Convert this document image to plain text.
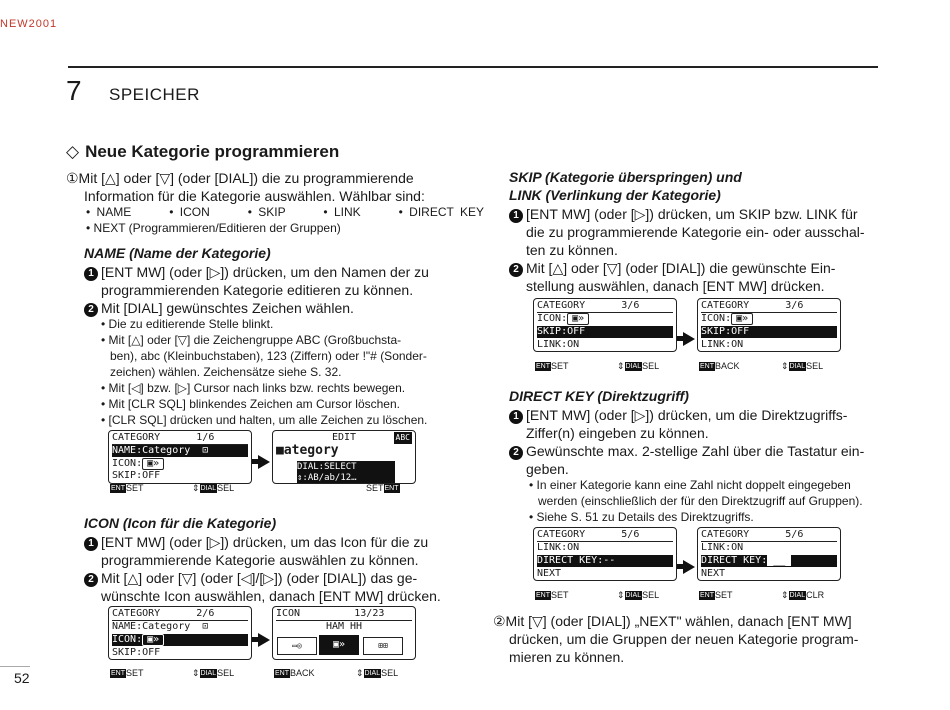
NEW2001
7 SPEICHER
◇ Neue Kategorie programmieren
①Mit [△] oder [▽] (oder [DIAL]) die zu programmierende
Information für die Kategorie auswählen. Wählbar sind:
• NAME      • ICON      • SKIP      • LINK      • DIRECT KEY
• NEXT (Programmieren/Editieren der Gruppen)
NAME (Name der Kategorie)
1 [ENT MW] (oder [▷]) drücken, um den Namen der zu
programmierenden Kategorie editieren zu können.
2 Mit [DIAL] gewünschtes Zeichen wählen.
• Die zu editierende Stelle blinkt.
• Mit [△] oder [▽] die Zeichengruppe ABC (Großbuchsta-
ben), abc (Kleinbuchstaben), 123 (Ziffern) oder !"# (Sonder-
zeichen) wählen. Zeichensätze siehe S. 32.
• Mit [◁] bzw. [▷] Cursor nach links bzw. rechts bewegen.
• Mit [CLR SQL] blinkendes Zeichen am Cursor löschen.
• [CLR SQL] drücken und halten, um alle Zeichen zu löschen.
CATEGORY      1/6
NAME:Category  ⊡
ICON: ▣»
SKIP:OFF
ENTSET	⇕DIALSEL
EDIT	ABC
■ategory
DIAL:SELECT
⇕:AB/ab/12…
SETENT
ICON (Icon für die Kategorie)
1 [ENT MW] (oder [▷]) drücken, um das Icon für die zu
programmierende Kategorie auswählen zu können.
2 Mit [△] oder [▽] (oder [◁]/[▷]) (oder [DIAL]) das ge-
wünschte Icon auswählen, danach [ENT MW] drücken.
CATEGORY      2/6
NAME:Category  ⊡
ICON: ▣»
SKIP:OFF
ENTSET	⇕DIALSEL
ICON         13/23
HAM HH
▭◎	▣»	⊞⊞
ENTBACK	⇕DIALSEL
SKIP (Kategorie überspringen) und
LINK (Verlinkung der Kategorie)
1 [ENT MW] (oder [▷]) drücken, um SKIP bzw. LINK für
die zu programmierende Kategorie ein- oder ausschal-
ten zu können.
2 Mit [△] oder [▽] (oder [DIAL]) die gewünschte Ein-
stellung auswählen, danach [ENT MW] drücken.
CATEGORY      3/6
ICON: ▣»
SKIP:OFF
LINK:ON
ENTSET	⇕DIALSEL
CATEGORY      3/6
ICON: ▣»
SKIP:OFF
LINK:ON
ENTBACK	⇕DIALSEL
DIRECT KEY (Direktzugriff)
1 [ENT MW] (oder [▷]) drücken, um die Direktzugriffs-
Ziffer(n) eingeben zu können.
2 Gewünschte max. 2-stellige Zahl über die Tastatur ein-
geben.
• In einer Kategorie kann eine Zahl nicht doppelt eingegeben
werden (einschließlich der für den Direktzugriff auf Gruppen).
• Siehe S. 51 zu Details des Direktzugriffs.
CATEGORY      5/6
LINK:ON
DIRECT KEY:--
NEXT
ENTSET	⇕DIALSEL
CATEGORY      5/6
LINK:ON
DIRECT KEY: __
NEXT
ENTSET	⇕DIALCLR
②Mit [▽] (oder [DIAL]) „NEXT" wählen, danach [ENT MW]
drücken, um die Gruppen der neuen Kategorie program-
mieren zu können.
52
